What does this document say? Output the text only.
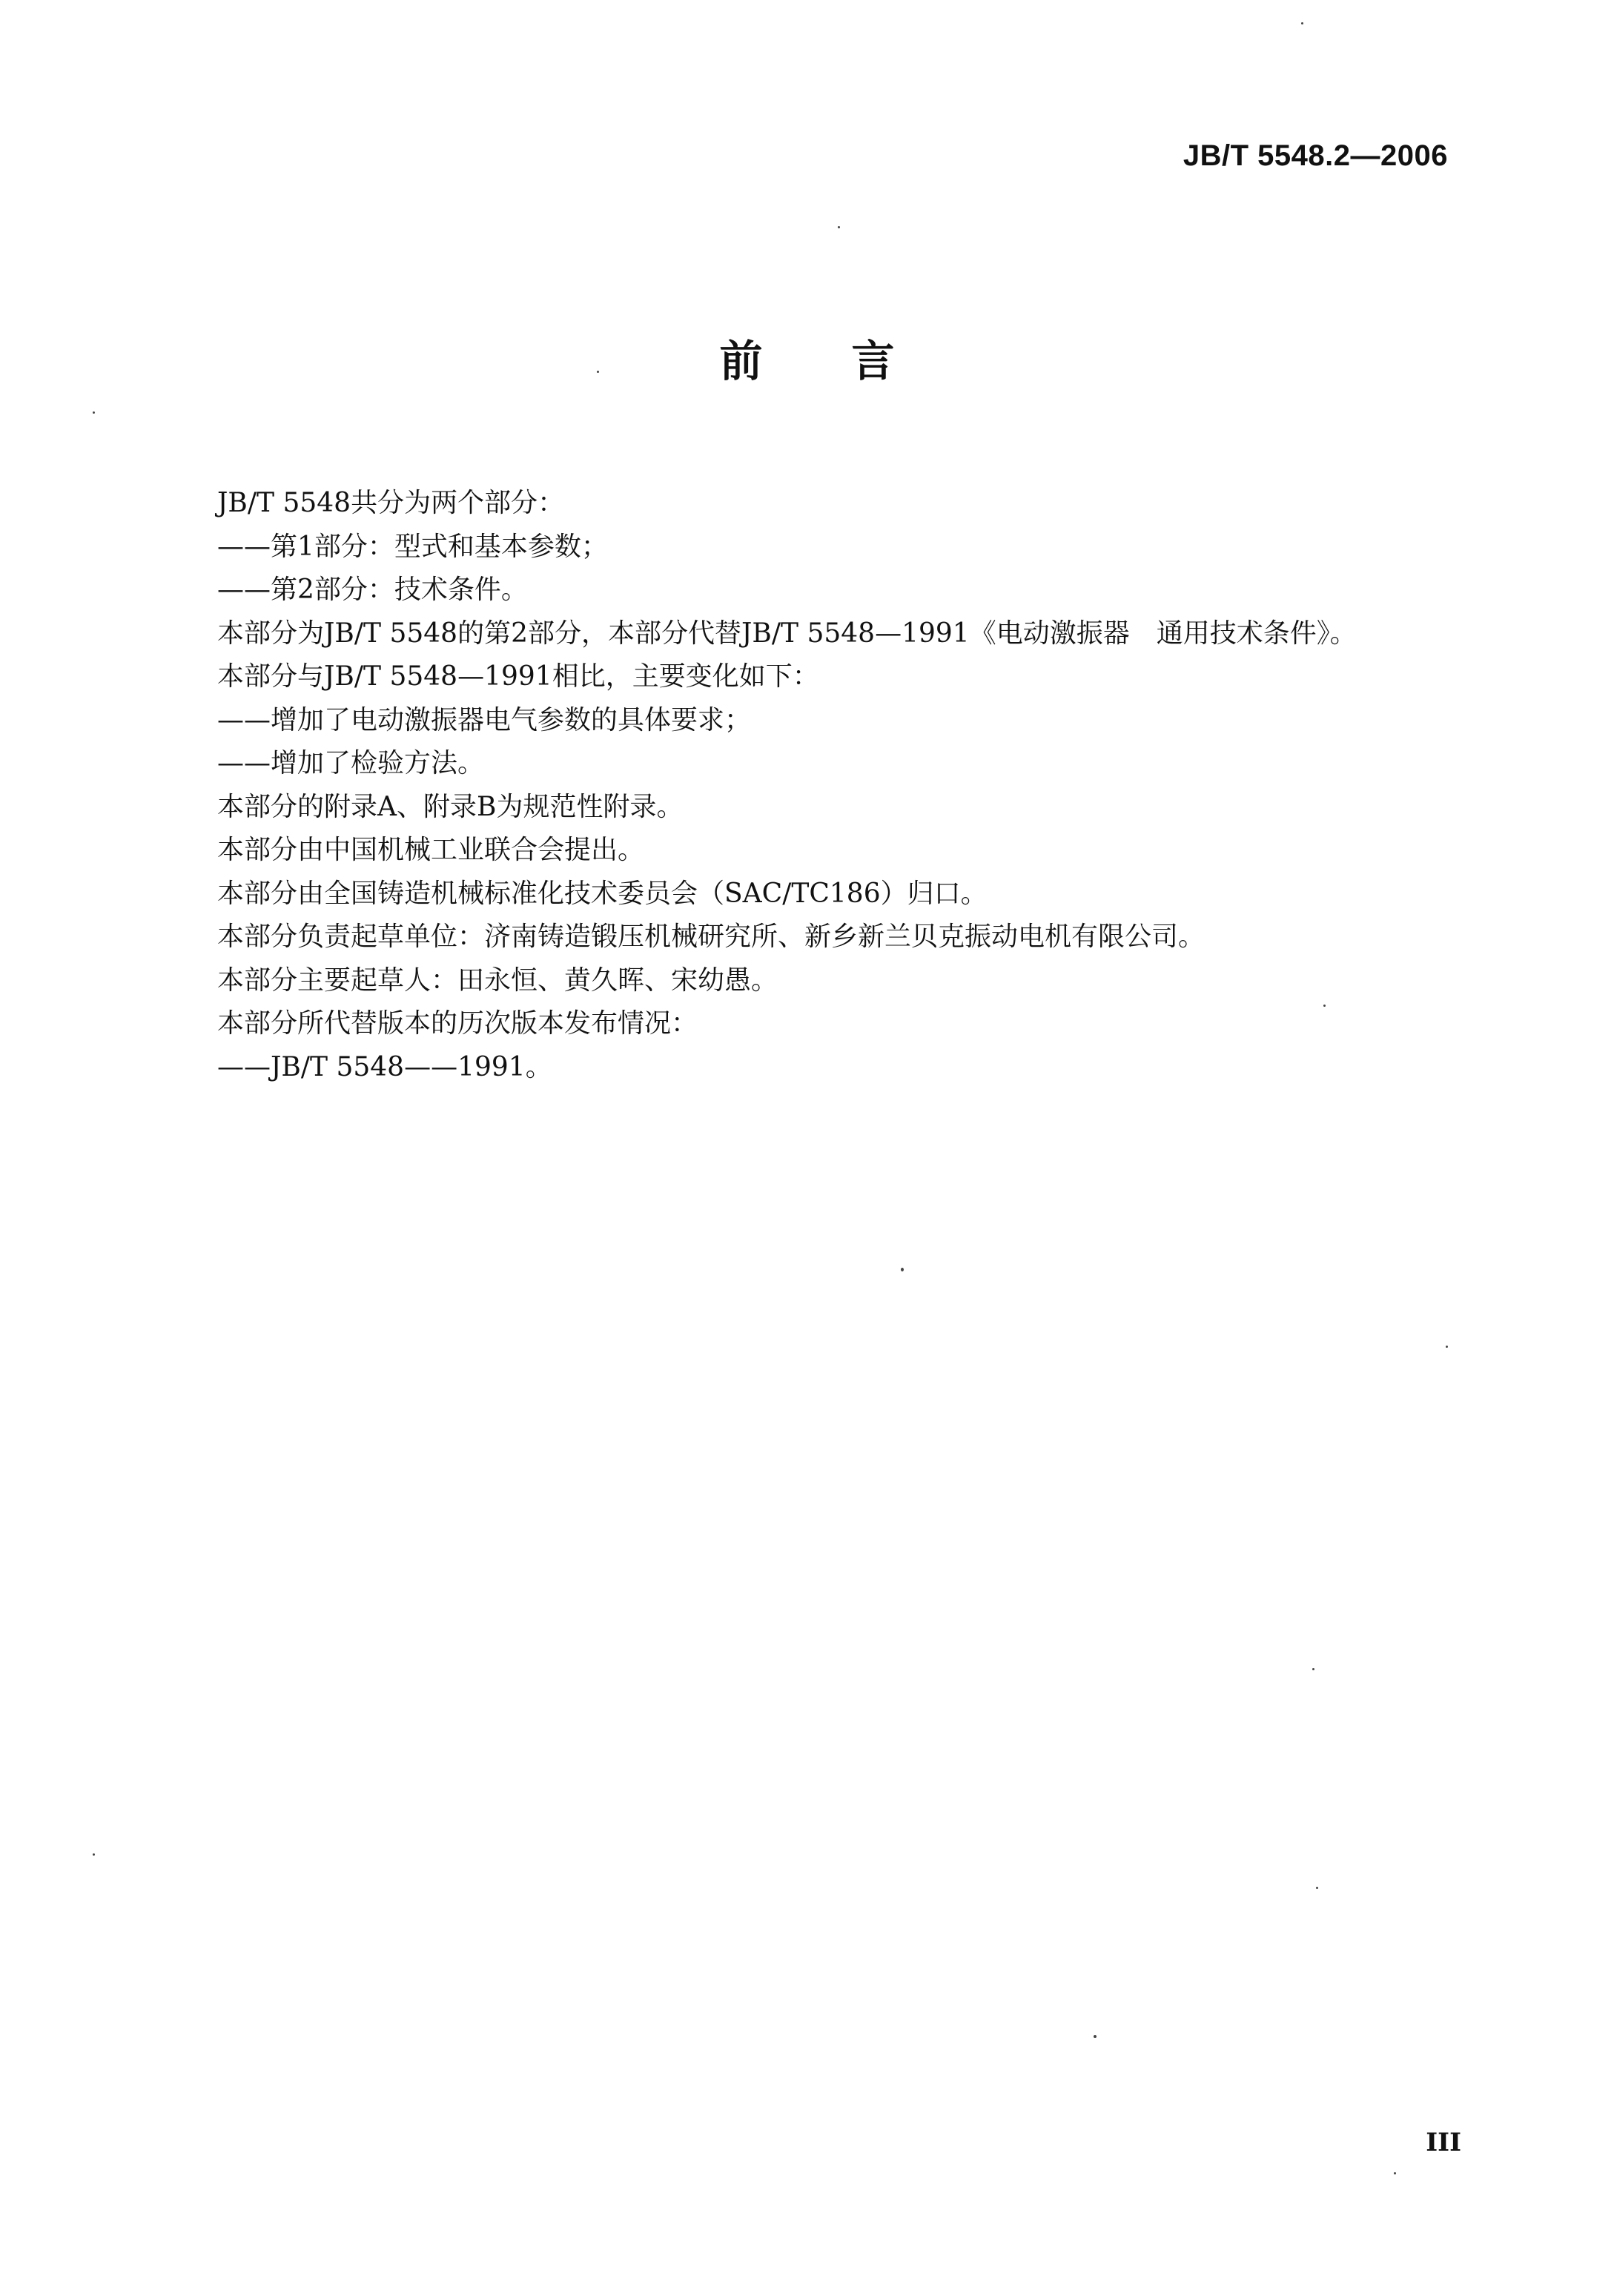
JB/T 5548.2—2006
前言
JB/T 5548共分为两个部分：
——第1部分：型式和基本参数；
——第2部分：技术条件。
本部分为JB/T 5548的第2部分，本部分代替JB/T 5548—1991《电动激振器　通用技术条件》。
本部分与JB/T 5548—1991相比，主要变化如下：
——增加了电动激振器电气参数的具体要求；
——增加了检验方法。
本部分的附录A、附录B为规范性附录。
本部分由中国机械工业联合会提出。
本部分由全国铸造机械标准化技术委员会（SAC/TC186）归口。
本部分负责起草单位：济南铸造锻压机械研究所、新乡新兰贝克振动电机有限公司。
本部分主要起草人：田永恒、黄久晖、宋幼愚。
本部分所代替版本的历次版本发布情况：
——JB/T 5548——1991。
III
